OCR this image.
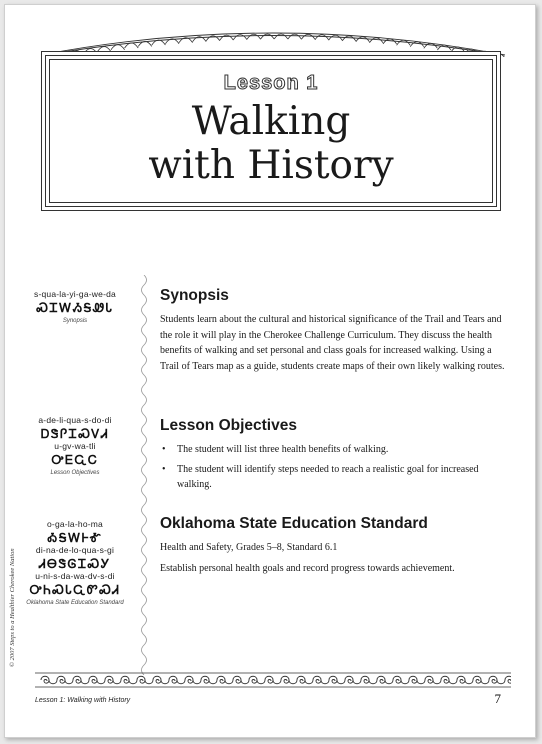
Lesson 1
Walking
with History
s-qua-la-yi-ga-we-da
ᏍᏆᎳᏱᎦᏪᏓ
Synopsis
a-de-li-qua-s-do-di
ᎠᏕᎵᏆᏍᏙᏗ
u-gv-wa-tli
ᎤᎬᏩᏟ
Lesson Objectives
o-ga-la-ho-ma
ᎣᎦᎳᎰᎹ
di-na-de-lo-qua-s-gi
ᏗᎾᏕᎶᏆᏍᎩ
u-ni-s-da-wa-dv-s-di
ᎤᏂᏍᏓᏩᏛᏍᏗ
Oklahoma State Education Standard
© 2007 Steps to a Healthier Cherokee Nation
Synopsis

Students learn about the cultural and historical significance of the Trail and Tears and the role it will play in the Cherokee Challenge Curriculum. They discuss the health benefits of walking and set personal and class goals for increased walking. Using a Trail of Tears map as a guide, students create maps of their own likely walking routes.

Lesson Objectives
• The student will list three health benefits of walking.
• The student will identify steps needed to reach a realistic goal for increased walking.
Oklahoma State Education Standard

Health and Safety, Grades 5–8, Standard 6.1

Establish personal health goals and record progress towards achievement.

Lesson 1: Walking with History	7
